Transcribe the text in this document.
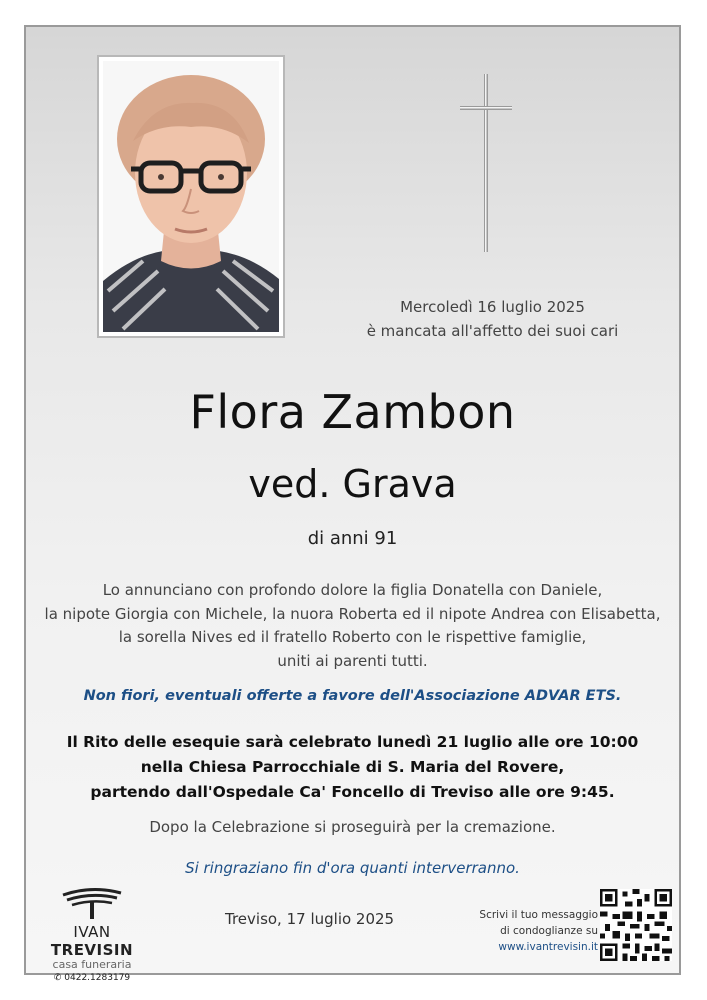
Mercoledì 16 luglio 2025
è mancata all'affetto dei suoi cari
Flora Zambon
ved. Grava
di anni 91
Lo annunciano con profondo dolore la figlia Donatella con Daniele,
la nipote Giorgia con Michele, la nuora Roberta ed il nipote Andrea con Elisabetta,
la sorella Nives ed il fratello Roberto con le rispettive famiglie,
uniti ai parenti tutti.
Non fiori, eventuali offerte a favore dell'Associazione ADVAR ETS.
Il Rito delle esequie sarà celebrato lunedì 21 luglio alle ore 10:00
nella Chiesa Parrocchiale di S. Maria del Rovere,
partendo dall'Ospedale Ca' Foncello di Treviso alle ore 9:45.
Dopo la Celebrazione si proseguirà per la cremazione.
Si ringraziano fin d'ora quanti interverranno.
IVAN TREVISIN
casa funeraria
✆ 0422.1283179
Treviso, 17 luglio 2025	Scrivi il tuo messaggio
di condoglianze su
www.ivantrevisin.it
